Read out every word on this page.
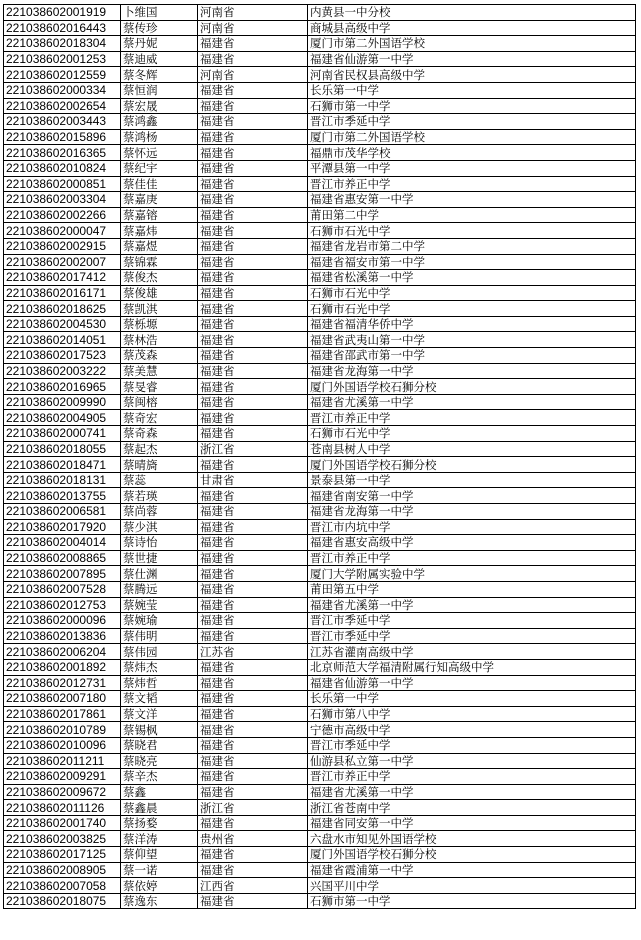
221038602001919	卜维国	河南省	内黄县一中分校
221038602016443	蔡传珍	河南省	商城县高级中学
221038602018304	蔡丹妮	福建省	厦门市第二外国语学校
221038602001253	蔡迪威	福建省	福建省仙游第一中学
221038602012559	蔡冬辉	河南省	河南省民权县高级中学
221038602000334	蔡恒润	福建省	长乐第一中学
221038602002654	蔡宏晟	福建省	石狮市第一中学
221038602003443	蔡鸿鑫	福建省	晋江市季延中学
221038602015896	蔡鸿杨	福建省	厦门市第二外国语学校
221038602016365	蔡怀远	福建省	福鼎市茂华学校
221038602010824	蔡纪宇	福建省	平潭县第一中学
221038602000851	蔡佳佳	福建省	晋江市养正中学
221038602003304	蔡嘉庚	福建省	福建省惠安第一中学
221038602002266	蔡嘉镕	福建省	莆田第二中学
221038602000047	蔡嘉炜	福建省	石狮市石光中学
221038602002915	蔡嘉煜	福建省	福建省龙岩市第二中学
221038602002007	蔡锦霖	福建省	福建省福安市第一中学
221038602017412	蔡俊杰	福建省	福建省松溪第一中学
221038602016171	蔡俊雄	福建省	石狮市石光中学
221038602018625	蔡凯淇	福建省	石狮市石光中学
221038602004530	蔡栎塬	福建省	福建省福清华侨中学
221038602014051	蔡林浩	福建省	福建省武夷山第一中学
221038602017523	蔡茂森	福建省	福建省邵武市第一中学
221038602003222	蔡美慧	福建省	福建省龙海第一中学
221038602016965	蔡旻睿	福建省	厦门外国语学校石狮分校
221038602009990	蔡闽榕	福建省	福建省尤溪第一中学
221038602004905	蔡奇宏	福建省	晋江市养正中学
221038602000741	蔡奇森	福建省	石狮市石光中学
221038602018055	蔡起杰	浙江省	苍南县树人中学
221038602018471	蔡晴旖	福建省	厦门外国语学校石狮分校
221038602018131	蔡蕊	甘肃省	景泰县第一中学
221038602013755	蔡若瑛	福建省	福建省南安第一中学
221038602006581	蔡尚蓉	福建省	福建省龙海第一中学
221038602017920	蔡少淇	福建省	晋江市内坑中学
221038602004014	蔡诗怡	福建省	福建省惠安高级中学
221038602008865	蔡世捷	福建省	晋江市养正中学
221038602007895	蔡仕渊	福建省	厦门大学附属实验中学
221038602007528	蔡腾远	福建省	莆田第五中学
221038602012753	蔡婉莹	福建省	福建省尤溪第一中学
221038602000096	蔡婉瑜	福建省	晋江市季延中学
221038602013836	蔡伟明	福建省	晋江市季延中学
221038602006204	蔡伟园	江苏省	江苏省灌南高级中学
221038602001892	蔡炜杰	福建省	北京师范大学福清附属行知高级中学
221038602012731	蔡炜哲	福建省	福建省仙游第一中学
221038602007180	蔡文韬	福建省	长乐第一中学
221038602017861	蔡文洋	福建省	石狮市第八中学
221038602010789	蔡锡枫	福建省	宁德市高级中学
221038602010096	蔡晓君	福建省	晋江市季延中学
221038602011211	蔡晓亮	福建省	仙游县私立第一中学
221038602009291	蔡辛杰	福建省	晋江市养正中学
221038602009672	蔡鑫	福建省	福建省尤溪第一中学
221038602011126	蔡鑫晨	浙江省	浙江省苍南中学
221038602001740	蔡扬婺	福建省	福建省同安第一中学
221038602003825	蔡洋涛	贵州省	六盘水市知见外国语学校
221038602017125	蔡仰望	福建省	厦门外国语学校石狮分校
221038602008905	蔡一诺	福建省	福建省霞浦第一中学
221038602007058	蔡依婷	江西省	兴国平川中学
221038602018075	蔡逸东	福建省	石狮市第一中学
